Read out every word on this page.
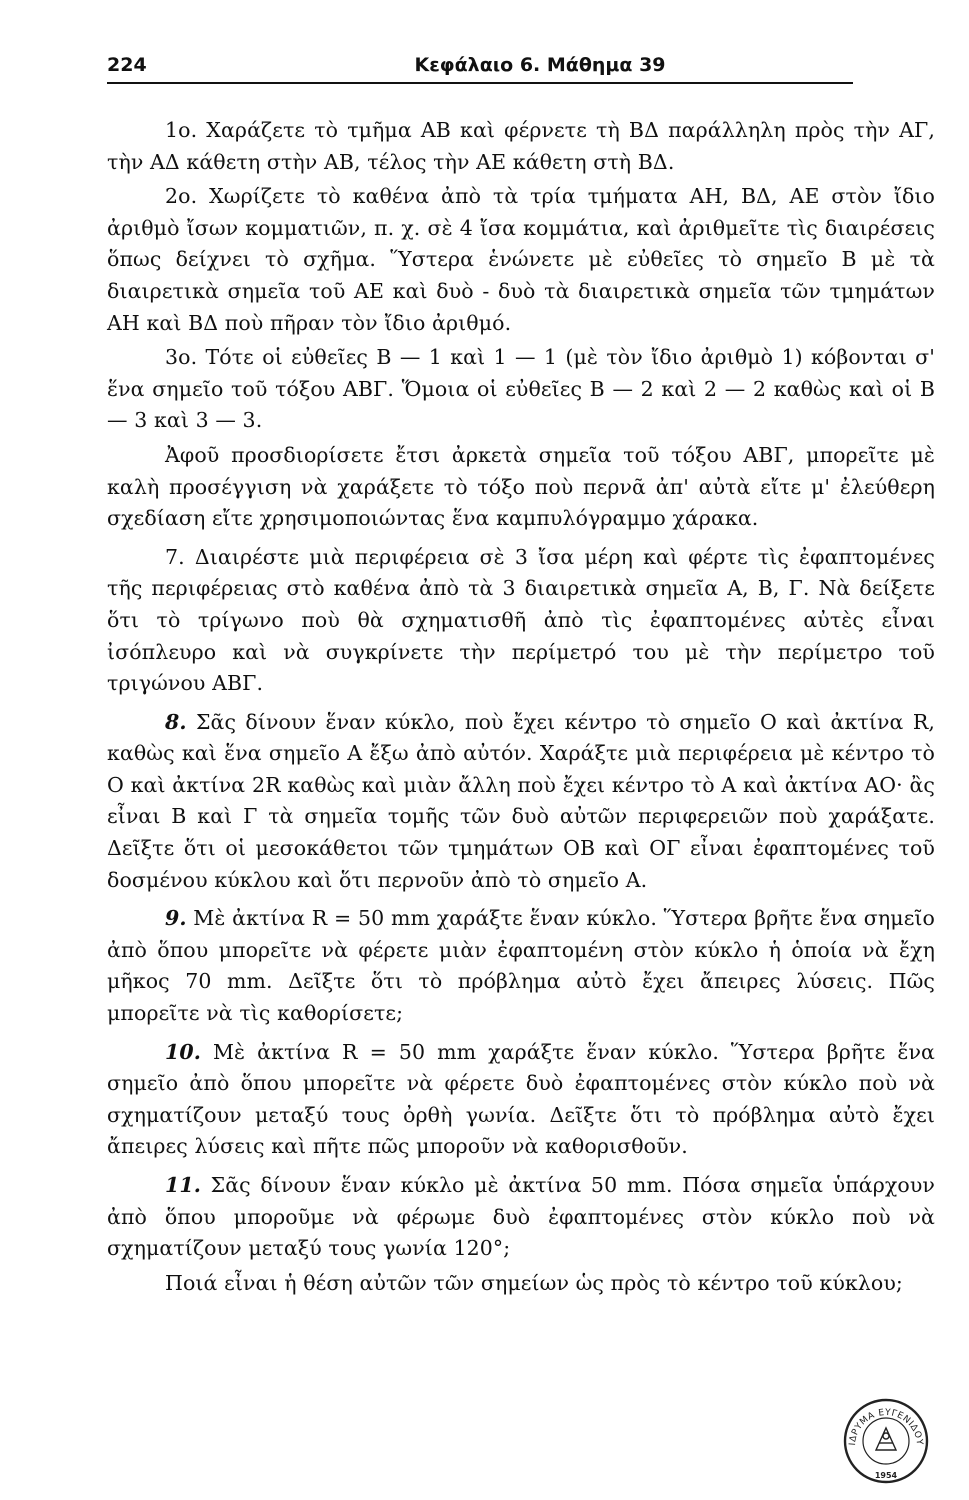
224	Κεφάλαιο 6. Μάθημα 39

1ο. Χαράζετε τὸ τμῆμα ΑΒ καὶ φέρνετε τὴ ΒΔ παράλληλη πρὸς τὴν ΑΓ, τὴν ΑΔ κάθετη στὴν ΑΒ, τέλος τὴν ΑΕ κάθετη στὴ ΒΔ.

2ο. Χωρίζετε τὸ καθένα ἀπὸ τὰ τρία τμήματα ΑΗ, ΒΔ, ΑΕ στὸν ἴδιο ἀριθμὸ ἴσων κομματιῶν, π. χ. σὲ 4 ἴσα κομμάτια, καὶ ἀριθμεῖτε τὶς διαιρέσεις ὅπως δείχνει τὸ σχῆμα. Ὕστερα ἑνώνετε μὲ εὐθεῖες τὸ σημεῖο Β μὲ τὰ διαιρετικὰ σημεῖα τοῦ ΑΕ καὶ δυὸ - δυὸ τὰ διαιρετικὰ σημεῖα τῶν τμημάτων ΑΗ καὶ ΒΔ ποὺ πῆραν τὸν ἴδιο ἀριθμό.

3ο. Τότε οἱ εὐθεῖες Β — 1 καὶ 1 — 1 (μὲ τὸν ἴδιο ἀριθμὸ 1) κόβονται σ' ἕνα σημεῖο τοῦ τόξου ΑΒΓ. Ὅμοια οἱ εὐθεῖες Β — 2 καὶ 2 — 2 καθὼς καὶ οἱ Β — 3 καὶ 3 — 3.

Ἀφοῦ προσδιορίσετε ἔτσι ἀρκετὰ σημεῖα τοῦ τόξου ΑΒΓ, μπορεῖτε μὲ καλὴ προσέγγιση νὰ χαράξετε τὸ τόξο ποὺ περνᾶ ἀπ' αὐτὰ εἴτε μ' ἐλεύθερη σχεδίαση εἴτε χρησιμοποιώντας ἕνα καμπυλόγραμμο χάρακα.

7. Διαιρέστε μιὰ περιφέρεια σὲ 3 ἴσα μέρη καὶ φέρτε τὶς ἐφαπτομένες τῆς περιφέρειας στὸ καθένα ἀπὸ τὰ 3 διαιρετικὰ σημεῖα Α, Β, Γ. Νὰ δείξετε ὅτι τὸ τρίγωνο ποὺ θὰ σχηματισθῆ ἀπὸ τὶς ἐφαπτομένες αὐτὲς εἶναι ἰσόπλευρο καὶ νὰ συγκρίνετε τὴν περίμετρό του μὲ τὴν περίμετρο τοῦ τριγώνου ΑΒΓ.

8. Σᾶς δίνουν ἕναν κύκλο, ποὺ ἔχει κέντρο τὸ σημεῖο Ο καὶ ἀκτίνα R, καθὼς καὶ ἕνα σημεῖο Α ἔξω ἀπὸ αὐτόν. Χαράξτε μιὰ περιφέρεια μὲ κέντρο τὸ Ο καὶ ἀκτίνα 2R καθὼς καὶ μιὰν ἄλλη ποὺ ἔχει κέντρο τὸ Α καὶ ἀκτίνα ΑΟ· ἂς εἶναι Β καὶ Γ τὰ σημεῖα τομῆς τῶν δυὸ αὐτῶν περιφερειῶν ποὺ χαράξατε. Δεῖξτε ὅτι οἱ μεσοκάθετοι τῶν τμημάτων ΟΒ καὶ ΟΓ εἶναι ἐφαπτομένες τοῦ δοσμένου κύκλου καὶ ὅτι περνοῦν ἀπὸ τὸ σημεῖο Α.

9. Μὲ ἀκτίνα R = 50 mm χαράξτε ἕναν κύκλο. Ὕστερα βρῆτε ἕνα σημεῖο ἀπὸ ὅπου μπορεῖτε νὰ φέρετε μιὰν ἐφαπτομένη στὸν κύκλο ἡ ὁποία νὰ ἔχη μῆκος 70 mm. Δεῖξτε ὅτι τὸ πρόβλημα αὐτὸ ἔχει ἄπειρες λύσεις. Πῶς μπορεῖτε νὰ τὶς καθορίσετε;

10. Μὲ ἀκτίνα R = 50 mm χαράξτε ἕναν κύκλο. Ὕστερα βρῆτε ἕνα σημεῖο ἀπὸ ὅπου μπορεῖτε νὰ φέρετε δυὸ ἐφαπτομένες στὸν κύκλο ποὺ νὰ σχηματίζουν μεταξύ τους ὀρθὴ γωνία. Δεῖξτε ὅτι τὸ πρόβλημα αὐτὸ ἔχει ἄπειρες λύσεις καὶ πῆτε πῶς μποροῦν νὰ καθορισθοῦν.

11. Σᾶς δίνουν ἕναν κύκλο μὲ ἀκτίνα 50 mm. Πόσα σημεῖα ὑπάρχουν ἀπὸ ὅπου μποροῦμε νὰ φέρωμε δυὸ ἐφαπτομένες στὸν κύκλο ποὺ νὰ σχηματίζουν μεταξύ τους γωνία 120°;

Ποιά εἶναι ἡ θέση αὐτῶν τῶν σημείων ὡς πρὸς τὸ κέντρο τοῦ κύκλου;

ΙΔΡΥΜΑ ΕΥΓΕΝΙΔΟΥ
1954
